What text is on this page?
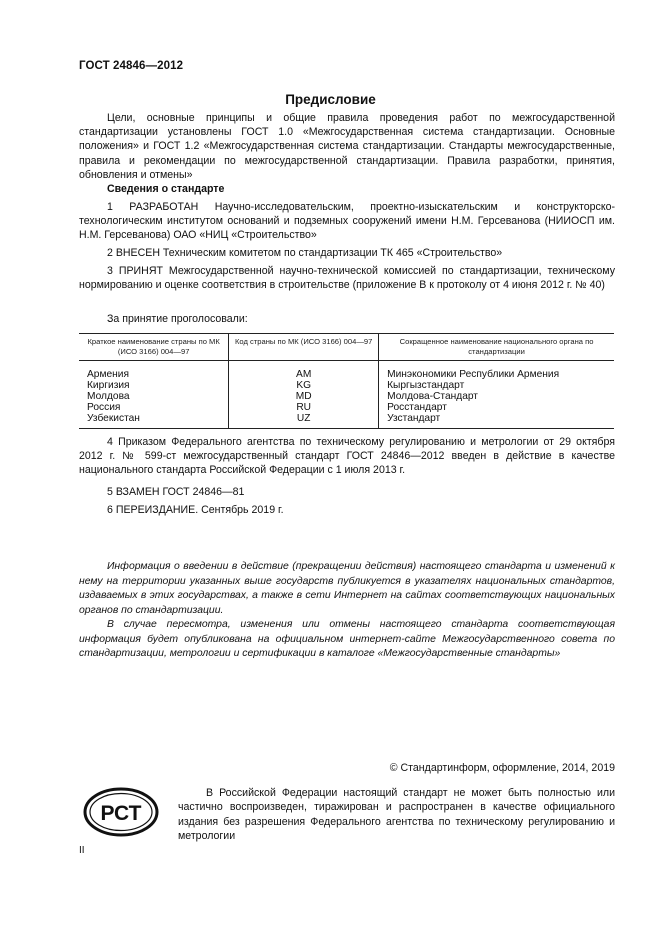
ГОСТ 24846—2012
Предисловие
Цели, основные принципы и общие правила проведения работ по межгосударственной стандартизации установлены ГОСТ 1.0 «Межгосударственная система стандартизации. Основные положения» и ГОСТ 1.2 «Межгосударственная система стандартизации. Стандарты межгосударственные, правила и рекомендации по межгосударственной стандартизации. Правила разработки, принятия, обновления и отмены»
Сведения о стандарте
1 РАЗРАБОТАН Научно-исследовательским, проектно-изыскательским и конструкторско-технологическим институтом оснований и подземных сооружений имени Н.М. Герсеванова (НИИОСП им. Н.М. Герсеванова) ОАО «НИЦ «Строительство»
2 ВНЕСЕН Техническим комитетом по стандартизации ТК 465 «Строительство»
3 ПРИНЯТ Межгосударственной научно-технической комиссией по стандартизации, техническому нормированию и оценке соответствия в строительстве (приложение В к протоколу от 4 июня 2012 г. № 40)
За принятие проголосовали:
Краткое наименование страны по МК (ИСО 3166) 004—97	Код страны по МК (ИСО 3166) 004—97	Сокращенное наименование национального органа по стандартизации
Армения	AM	Минэкономики Республики Армения
Киргизия	KG	Кыргызстандарт
Молдова	MD	Молдова-Стандарт
Россия	RU	Росстандарт
Узбекистан	UZ	Узстандарт
4 Приказом Федерального агентства по техническому регулированию и метрологии от 29 октября 2012 г. № 599-ст межгосударственный стандарт ГОСТ 24846—2012 введен в действие в качестве национального стандарта Российской Федерации с 1 июля 2013 г.
5 ВЗАМЕН ГОСТ 24846—81
6 ПЕРЕИЗДАНИЕ. Сентябрь 2019 г.
Информация о введении в действие (прекращении действия) настоящего стандарта и изменений к нему на территории указанных выше государств публикуется в указателях национальных стандартов, издаваемых в этих государствах, а также в сети Интернет на сайтах соответствующих национальных органов по стандартизации.
В случае пересмотра, изменения или отмены настоящего стандарта соответствующая информация будет опубликована на официальном интернет-сайте Межгосударственного совета по стандартизации, метрологии и сертификации в каталоге «Межгосударственные стандарты»
© Стандартинформ, оформление, 2014, 2019
РСТ
В Российской Федерации настоящий стандарт не может быть полностью или частично воспроизведен, тиражирован и распространен в качестве официального издания без разрешения Федерального агентства по техническому регулированию и метрологии
II
